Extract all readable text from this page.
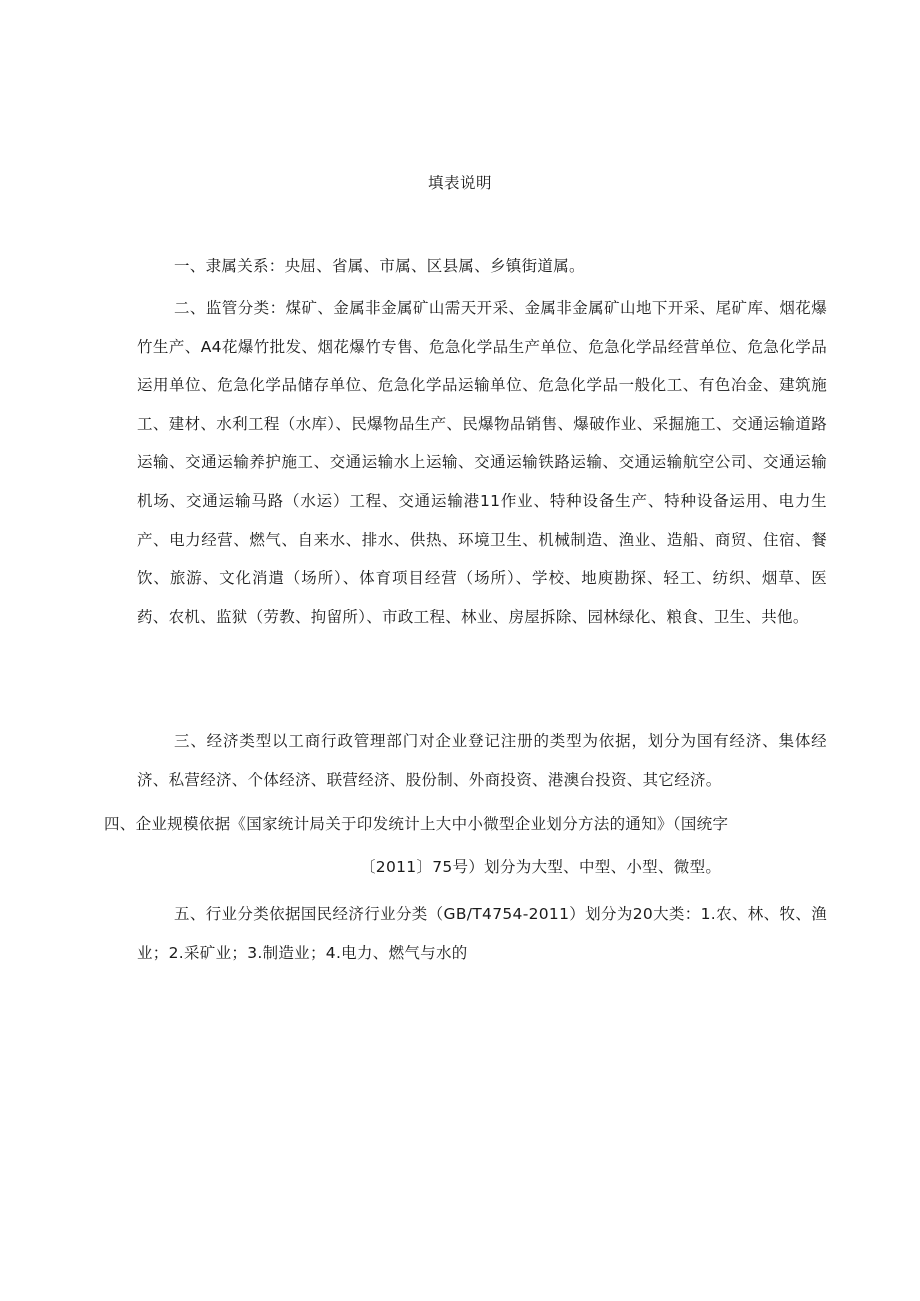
填表说明

一、隶属关系：央屈、省属、市属、区县属、乡镇街道属。

二、监管分类：煤矿、金属非金属矿山需天开采、金属非金属矿山地下开采、尾矿库、烟花爆竹生产、A4花爆竹批发、烟花爆竹专售、危急化学品生产单位、危急化学品经营单位、危急化学品运用单位、危急化学品储存单位、危急化学品运输单位、危急化学品一般化工、有色冶金、建筑施工、建材、水利工程（水库）、民爆物品生产、民爆物品销售、爆破作业、采掘施工、交通运输道路运输、交通运输养护施工、交通运输水上运输、交通运输铁路运输、交通运输航空公司、交通运输机场、交通运输马路（水运）工程、交通运输港11作业、特种设备生产、特种设备运用、电力生产、电力经营、燃气、自来水、排水、供热、环境卫生、机械制造、渔业、造船、商贸、住宿、餐饮、旅游、文化消遣（场所）、体育项目经营（场所）、学校、地庾勘探、轻工、纺织、烟草、医药、农机、监狱（劳教、拘留所）、市政工程、林业、房屋拆除、园林绿化、粮食、卫生、共他。

三、经济类型以工商行政管理部门对企业登记注册的类型为依据，划分为国有经济、集体经济、私营经济、个体经济、联营经济、股份制、外商投资、港澳台投资、其它经济。

四、企业规模依据《国家统计局关于印发统计上大中小微型企业划分方法的通知》（国统字

〔2011〕75号）划分为大型、中型、小型、微型。

五、行业分类依据国民经济行业分类（GB/T4754-2011）划分为20大类：1.农、林、牧、渔业；2.采矿业；3.制造业；4.电力、燃气与水的
